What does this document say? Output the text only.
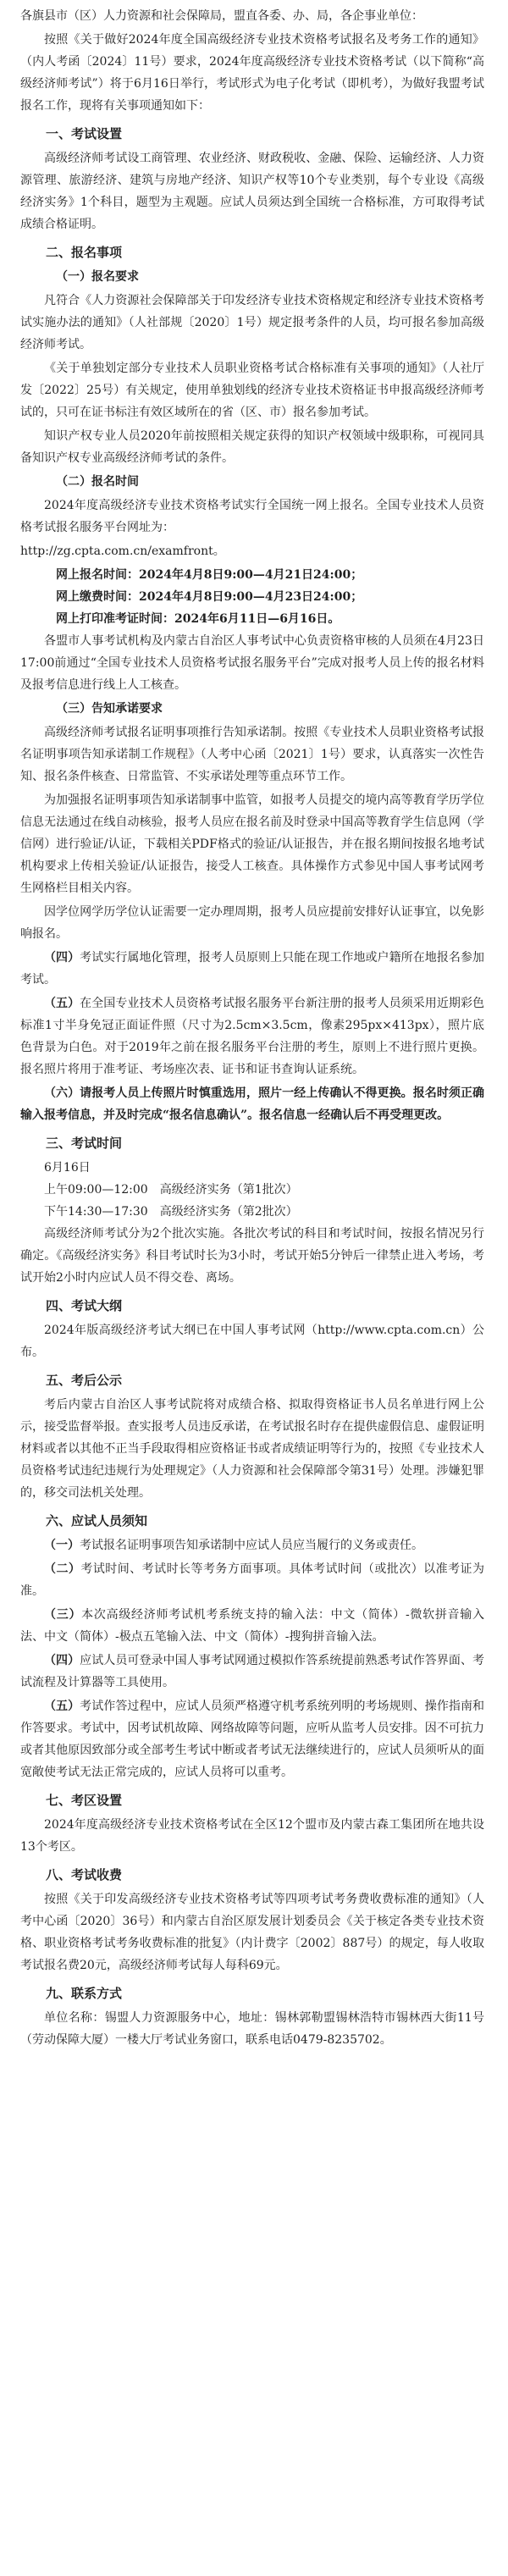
各旗县市（区）人力资源和社会保障局，盟直各委、办、局，各企事业单位：

按照《关于做好2024年度全国高级经济专业技术资格考试报名及考务工作的通知》（内人考函〔2024〕11号）要求，2024年度高级经济专业技术资格考试（以下简称“高级经济师考试”）将于6月16日举行，考试形式为电子化考试（即机考），为做好我盟考试报名工作，现将有关事项通知如下：

一、考试设置

高级经济师考试设工商管理、农业经济、财政税收、金融、保险、运输经济、人力资源管理、旅游经济、建筑与房地产经济、知识产权等10个专业类别，每个专业设《高级经济实务》1个科目，题型为主观题。应试人员须达到全国统一合格标准，方可取得考试成绩合格证明。

二、报名事项
（一）报名要求

凡符合《人力资源社会保障部关于印发经济专业技术资格规定和经济专业技术资格考试实施办法的通知》（人社部规〔2020〕1号）规定报考条件的人员，均可报名参加高级经济师考试。

《关于单独划定部分专业技术人员职业资格考试合格标准有关事项的通知》（人社厅发〔2022〕25号）有关规定，使用单独划线的经济专业技术资格证书申报高级经济师考试的，只可在证书标注有效区域所在的省（区、市）报名参加考试。

知识产权专业人员2020年前按照相关规定获得的知识产权领域中级职称，可视同具备知识产权专业高级经济师考试的条件。

（二）报名时间

2024年度高级经济专业技术资格考试实行全国统一网上报名。全国专业技术人员资格考试报名服务平台网址为：

http://zg.cpta.com.cn/examfront。

网上报名时间：2024年4月8日9:00—4月21日24:00；

网上缴费时间：2024年4月8日9:00—4月23日24:00；

网上打印准考证时间：2024年6月11日—6月16日。

各盟市人事考试机构及内蒙古自治区人事考试中心负责资格审核的人员须在4月23日17:00前通过“全国专业技术人员资格考试报名服务平台”完成对报考人员上传的报名材料及报考信息进行线上人工核查。

（三）告知承诺要求

高级经济师考试报名证明事项推行告知承诺制。按照《专业技术人员职业资格考试报名证明事项告知承诺制工作规程》（人考中心函〔2021〕1号）要求，认真落实一次性告知、报名条件核查、日常监管、不实承诺处理等重点环节工作。

为加强报名证明事项告知承诺制事中监管，如报考人员提交的境内高等教育学历学位信息无法通过在线自动核验，报考人员应在报名前及时登录中国高等教育学生信息网（学信网）进行验证/认证，下载相关PDF格式的验证/认证报告，并在报名期间按报名地考试机构要求上传相关验证/认证报告，接受人工核查。具体操作方式参见中国人事考试网考生网格栏目相关内容。

因学位网学历学位认证需要一定办理周期，报考人员应提前安排好认证事宜，以免影响报名。

（四）考试实行属地化管理，报考人员原则上只能在现工作地或户籍所在地报名参加考试。

（五）在全国专业技术人员资格考试报名服务平台新注册的报考人员须采用近期彩色标准1寸半身免冠正面证件照（尺寸为2.5cm×3.5cm，像素295px×413px），照片底色背景为白色。对于2019年之前在报名服务平台注册的考生，原则上不进行照片更换。报名照片将用于准考证、考场座次表、证书和证书查询认证系统。

（六）请报考人员上传照片时慎重选用，照片一经上传确认不得更换。报名时须正确输入报考信息，并及时完成“报名信息确认”。报名信息一经确认后不再受理更改。

三、考试时间

6月16日

上午09:00—12:00　高级经济实务（第1批次）

下午14:30—17:30　高级经济实务（第2批次）

高级经济师考试分为2个批次实施。各批次考试的科目和考试时间，按报名情况另行确定。《高级经济实务》科目考试时长为3小时，考试开始5分钟后一律禁止进入考场，考试开始2小时内应试人员不得交卷、离场。

四、考试大纲

2024年版高级经济考试大纲已在中国人事考试网（http://www.cpta.com.cn）公布。

五、考后公示

考后内蒙古自治区人事考试院将对成绩合格、拟取得资格证书人员名单进行网上公示，接受监督举报。查实报考人员违反承诺，在考试报名时存在提供虚假信息、虚假证明材料或者以其他不正当手段取得相应资格证书或者成绩证明等行为的，按照《专业技术人员资格考试违纪违规行为处理规定》（人力资源和社会保障部令第31号）处理。涉嫌犯罪的，移交司法机关处理。

六、应试人员须知

（一）考试报名证明事项告知承诺制中应试人员应当履行的义务或责任。

（二）考试时间、考试时长等考务方面事项。具体考试时间（或批次）以准考证为准。

（三）本次高级经济师考试机考系统支持的输入法：中文（简体）-微软拼音输入法、中文（简体）-极点五笔输入法、中文（简体）-搜狗拼音输入法。

（四）应试人员可登录中国人事考试网通过模拟作答系统提前熟悉考试作答界面、考试流程及计算器等工具使用。

（五）考试作答过程中，应试人员须严格遵守机考系统列明的考场规则、操作指南和作答要求。考试中，因考试机故障、网络故障等问题，应听从监考人员安排。因不可抗力或者其他原因致部分或全部考生考试中断或者考试无法继续进行的，应试人员须听从的面宽敞使考试无法正常完成的，应试人员将可以重考。

七、考区设置

2024年度高级经济专业技术资格考试在全区12个盟市及内蒙古森工集团所在地共设13个考区。

八、考试收费

按照《关于印发高级经济专业技术资格考试等四项考试考务费收费标准的通知》（人考中心函〔2020〕36号）和内蒙古自治区原发展计划委员会《关于核定各类专业技术资格、职业资格考试考务收费标准的批复》（内计费字〔2002〕887号）的规定，每人收取考试报名费20元，高级经济师考试每人每科69元。

九、联系方式

单位名称：锡盟人力资源服务中心，地址：锡林郭勒盟锡林浩特市锡林西大街11号（劳动保障大厦）一楼大厅考试业务窗口，联系电话0479-8235702。
